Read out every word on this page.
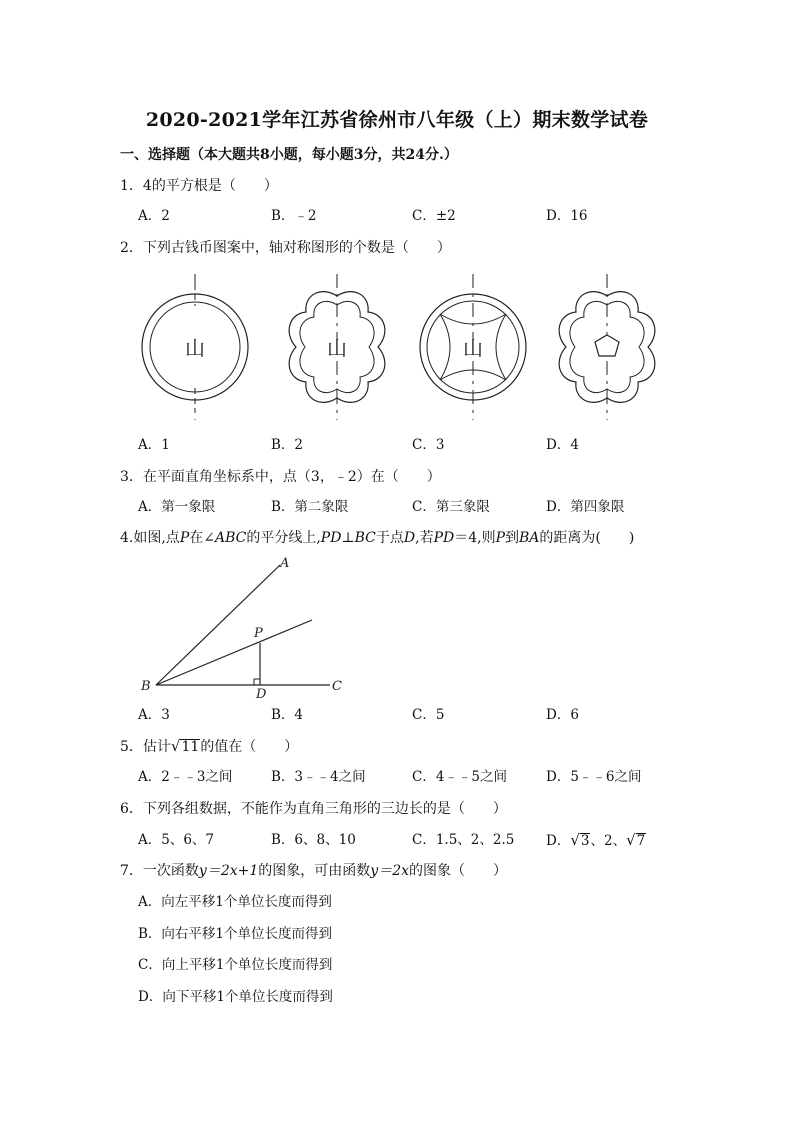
2020-2021学年江苏省徐州市八年级（上）期末数学试卷
一、选择题（本大题共8小题，每小题3分，共24分.）
1．4的平方根是（　　）
A．2	B．﹣2	C．±2	D．16
2．下列古钱币图案中，轴对称图形的个数是（　　）
山	山	山
A．1	B．2	C．3	D．4
3．在平面直角坐标系中，点（3，﹣2）在（　　）
A．第一象限	B．第二象限	C．第三象限	D．第四象限
4.如图,点P在∠ABC的平分线上,PD⊥BC于点D,若PD＝4,则P到BA的距离为(　　)
A
B	C
D
P
A．3	B．4	C．5	D．6
5．估计√11的值在（　　）
A．2﹣﹣3之间	B．3﹣﹣4之间	C．4﹣﹣5之间	D．5﹣﹣6之间
6．下列各组数据，不能作为直角三角形的三边长的是（　　）
A．5、6、7	B．6、8、10	C．1.5、2、2.5 D．√3、2、√7
7．一次函数y＝2x+1的图象，可由函数y＝2x的图象（　　）
A．向左平移1个单位长度而得到
B．向右平移1个单位长度而得到
C．向上平移1个单位长度而得到
D．向下平移1个单位长度而得到
